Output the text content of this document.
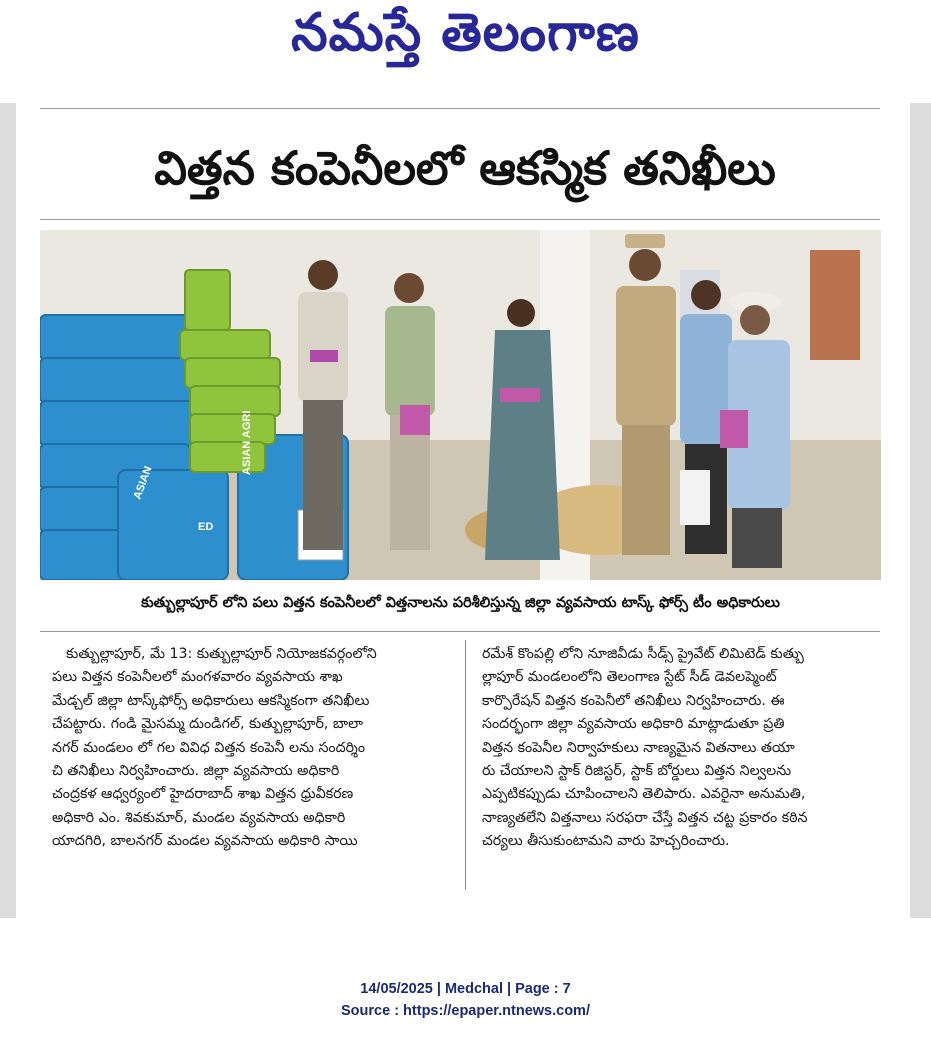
నమస్తే తెలంగాణ
విత్తన కంపెనీలలో ఆకస్మిక తనిఖీలు
ASIAN AGRI
ASIAN
ED
కుత్బుల్లాపూర్ లోని పలు విత్తన కంపెనీలలో విత్తనాలను పరిశీలిస్తున్న జిల్లా వ్యవసాయ టాస్క్ ఫోర్స్ టీం అధికారులు
కుత్బుల్లాపూర్, మే 13: కుత్బుల్లాపూర్ నియోజకవర్గంలోని
పలు విత్తన కంపెనీలలో మంగళవారం వ్యవసాయ శాఖ
మేడ్చల్ జిల్లా టాస్క్‌ఫోర్స్ అధికారులు ఆకస్మికంగా తనిఖీలు
చేపట్టారు. గండి మైసమ్మ దుండిగల్, కుత్బుల్లాపూర్, బాలా
నగర్ మండలం లో గల వివిధ విత్తన కంపెనీ లను సందర్శిం
చి తనిఖీలు నిర్వహించారు. జిల్లా వ్యవసాయ అధికారి
చంద్రకళ ఆధ్వర్యంలో హైదరాబాద్ శాఖ విత్తన ధ్రువీకరణ
అధికారి ఎం. శివకుమార్, మండల వ్యవసాయ అధికారి
యాదగిరి, బాలనగర్ మండల వ్యవసాయ అధికారి సాయి
రమేశ్ కొంపల్లి లోని నూజివీడు సీడ్స్ ప్రైవేట్ లిమిటెడ్ కుత్బు
ల్లాపూర్ మండలంలోని తెలంగాణ స్టేట్ సీడ్ డెవలప్మెంట్
కార్పొరేషన్ విత్తన కంపెనీలో తనిఖీలు నిర్వహించారు. ఈ
సందర్భంగా జిల్లా వ్యవసాయ అధికారి మాట్లాడుతూ ప్రతి
విత్తన కంపెనీల నిర్వాహకులు నాణ్యమైన వితనాలు తయా
రు చేయాలని స్టాక్ రిజిస్టర్, స్టాక్ బోర్డులు విత్తన నిల్వలను
ఎప్పటికప్పుడు చూపించాలని తెలిపారు. ఎవరైనా అనుమతి,
నాణ్యతలేని విత్తనాలు సరఫరా చేస్తే విత్తన చట్ట ప్రకారం కఠిన
చర్యలు తీసుకుంటామని వారు హెచ్చరించారు.
14/05/2025 | Medchal | Page : 7
Source : https://epaper.ntnews.com/
